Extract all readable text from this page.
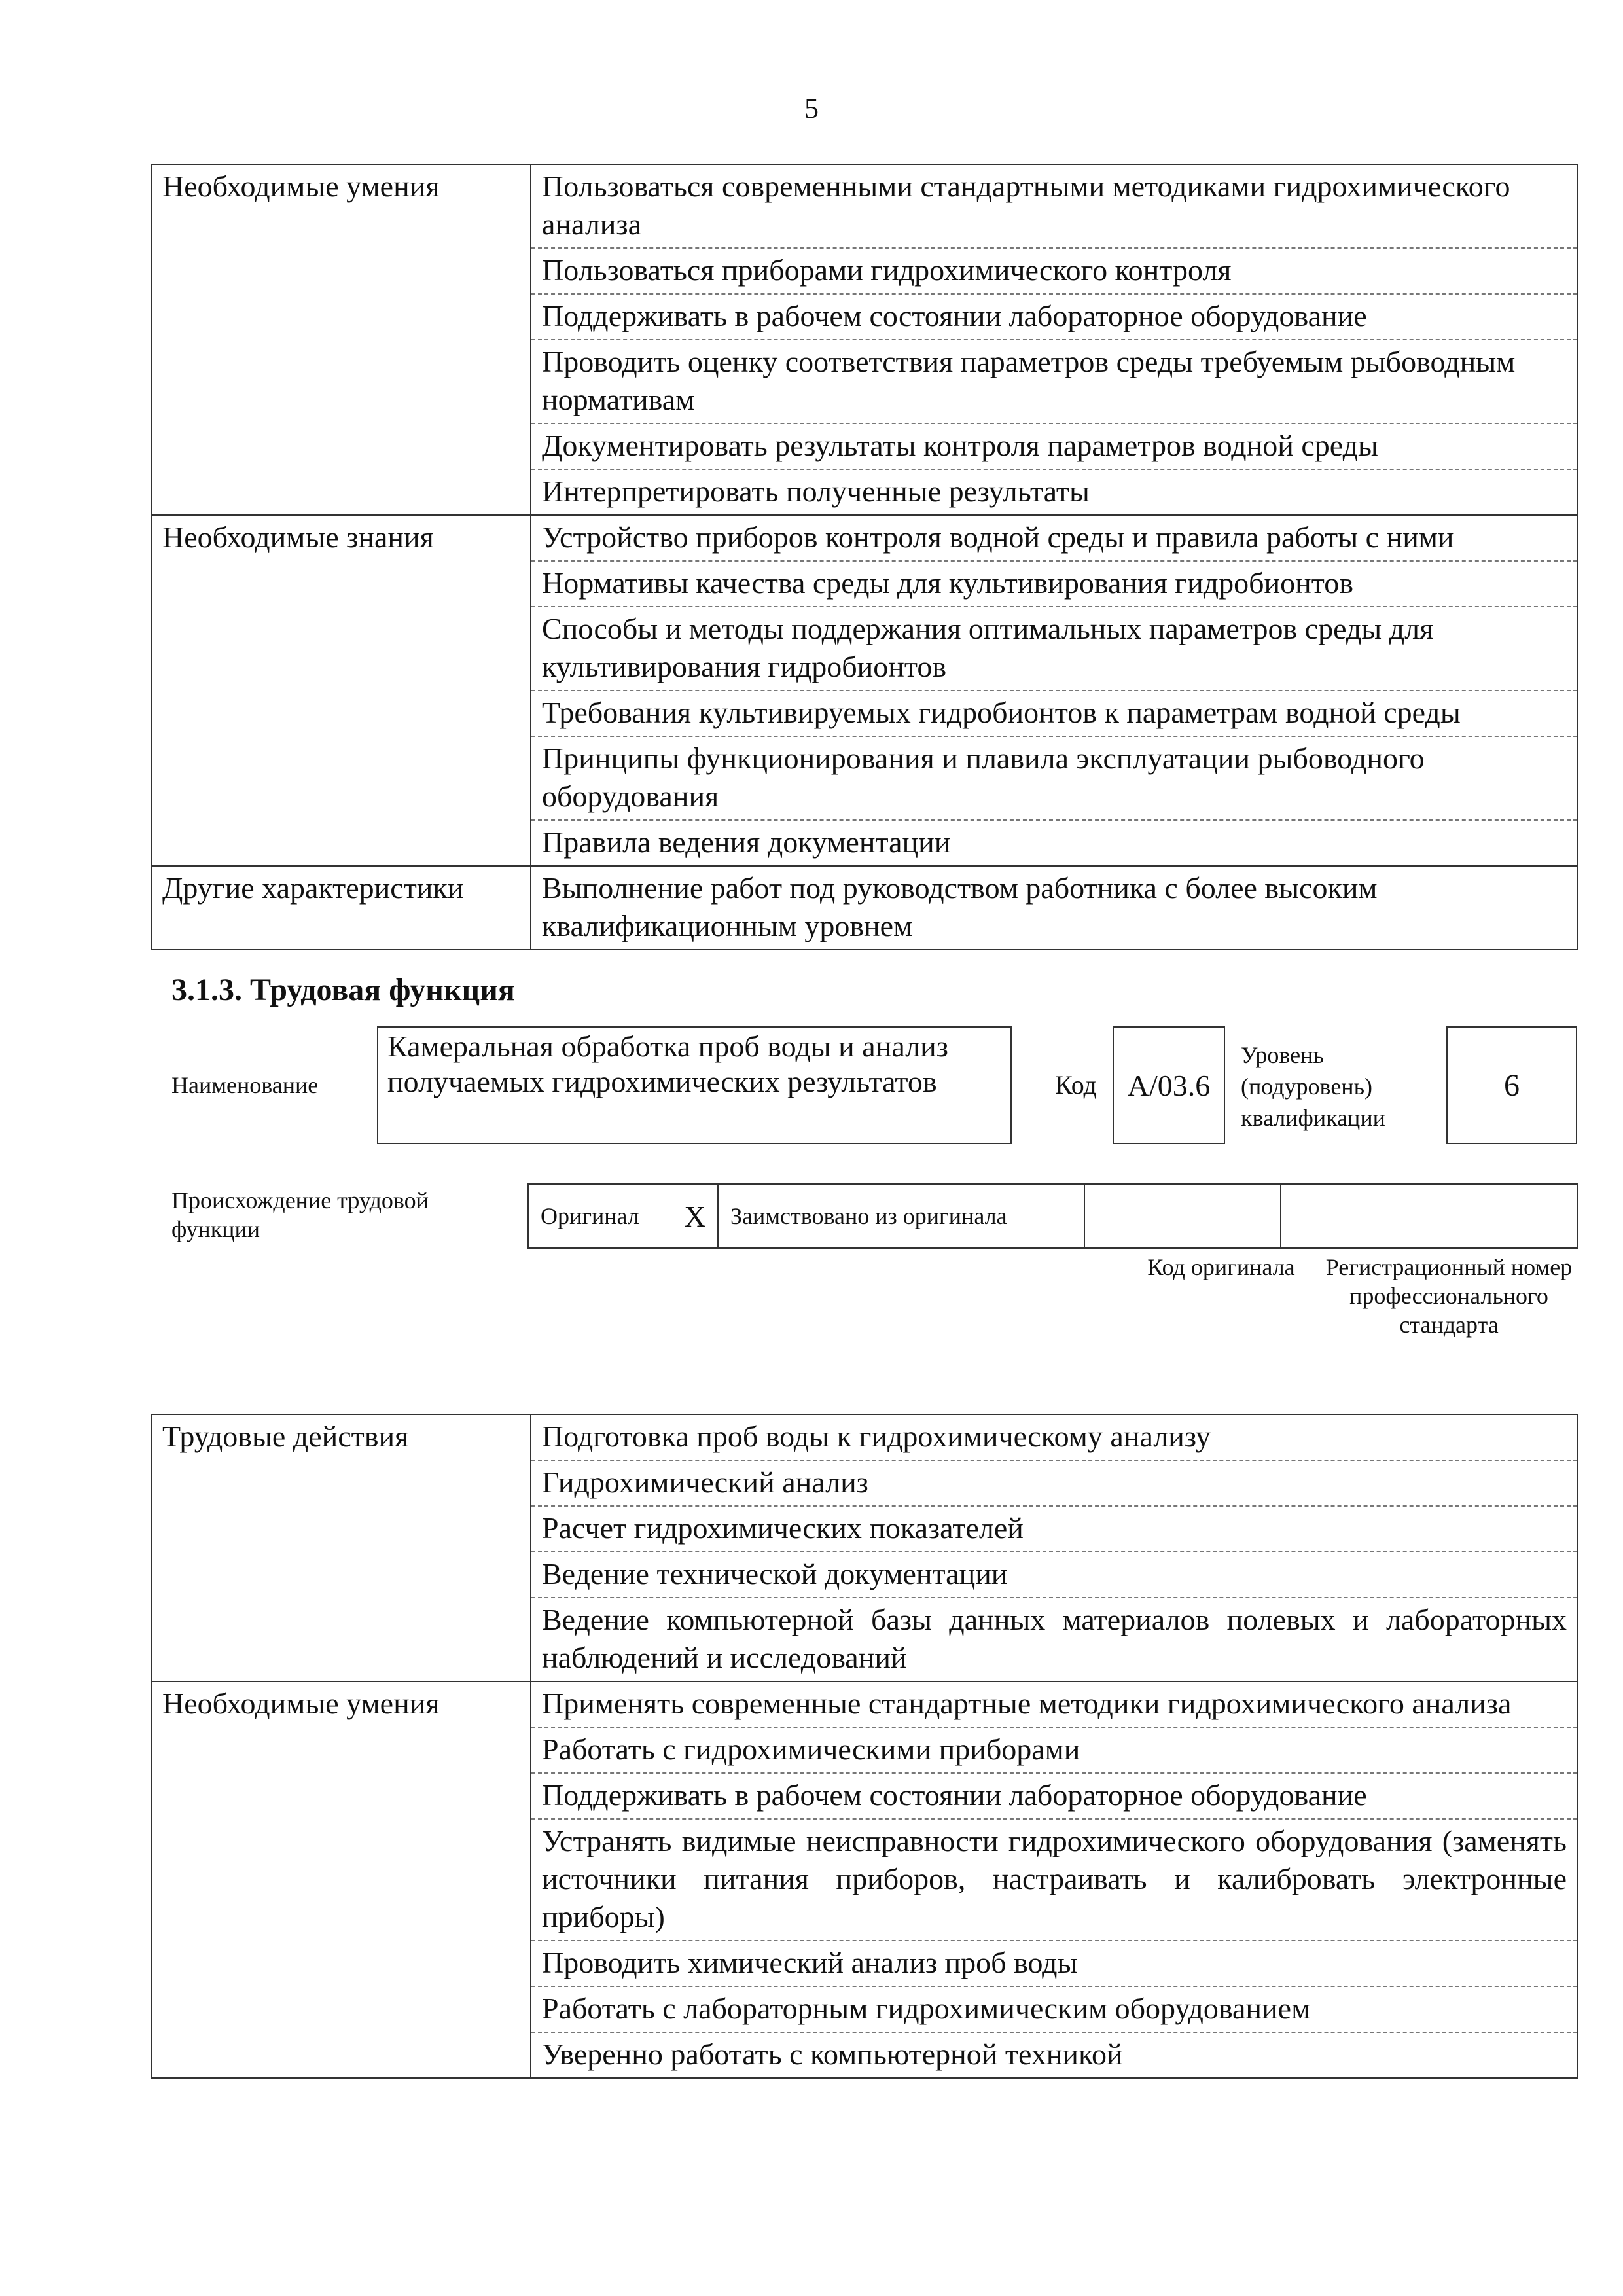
5
Необходимые умения	Пользоваться современными стандартными методиками гидрохимического анализа
	Пользоваться приборами гидрохимического контроля
	Поддерживать в рабочем состоянии лабораторное оборудование
	Проводить оценку соответствия параметров среды требуемым рыбоводным нормативам
	Документировать результаты контроля параметров водной среды
	Интерпретировать полученные результаты
Необходимые знания	Устройство приборов контроля водной среды и правила работы с ними
	Нормативы качества среды для культивирования гидробионтов
	Способы и методы поддержания оптимальных параметров среды для культивирования гидробионтов
	Требования культивируемых гидробионтов к параметрам водной среды
	Принципы функционирования и плавила эксплуатации рыбоводного оборудования
	Правила ведения документации
Другие характеристики	Выполнение работ под руководством работника с более высоким квалификационным уровнем
3.1.3. Трудовая функция
Наименование
Камеральная обработка проб воды и анализ получаемых гидрохимических результатов	Код	А/03.6
Уровень
(подуровень)
квалификации
6
Происхождение трудовой функции	Оригинал	X	Заимствовано из оригинала
Код оригинала	Регистрационный номер профессионального стандарта
Трудовые действия	Подготовка проб воды к гидрохимическому анализу
	Гидрохимический анализ
	Расчет гидрохимических показателей
	Ведение технической документации
	Ведение компьютерной базы данных материалов полевых и лабораторных наблюдений и исследований
Необходимые умения	Применять современные стандартные методики гидрохимического анализа
	Работать с гидрохимическими приборами
	Поддерживать в рабочем состоянии лабораторное оборудование
	Устранять видимые неисправности гидрохимического оборудования (заменять источники питания приборов, настраивать и калибровать электронные приборы)
	Проводить химический анализ проб воды
	Работать с лабораторным гидрохимическим оборудованием
	Уверенно работать с компьютерной техникой
